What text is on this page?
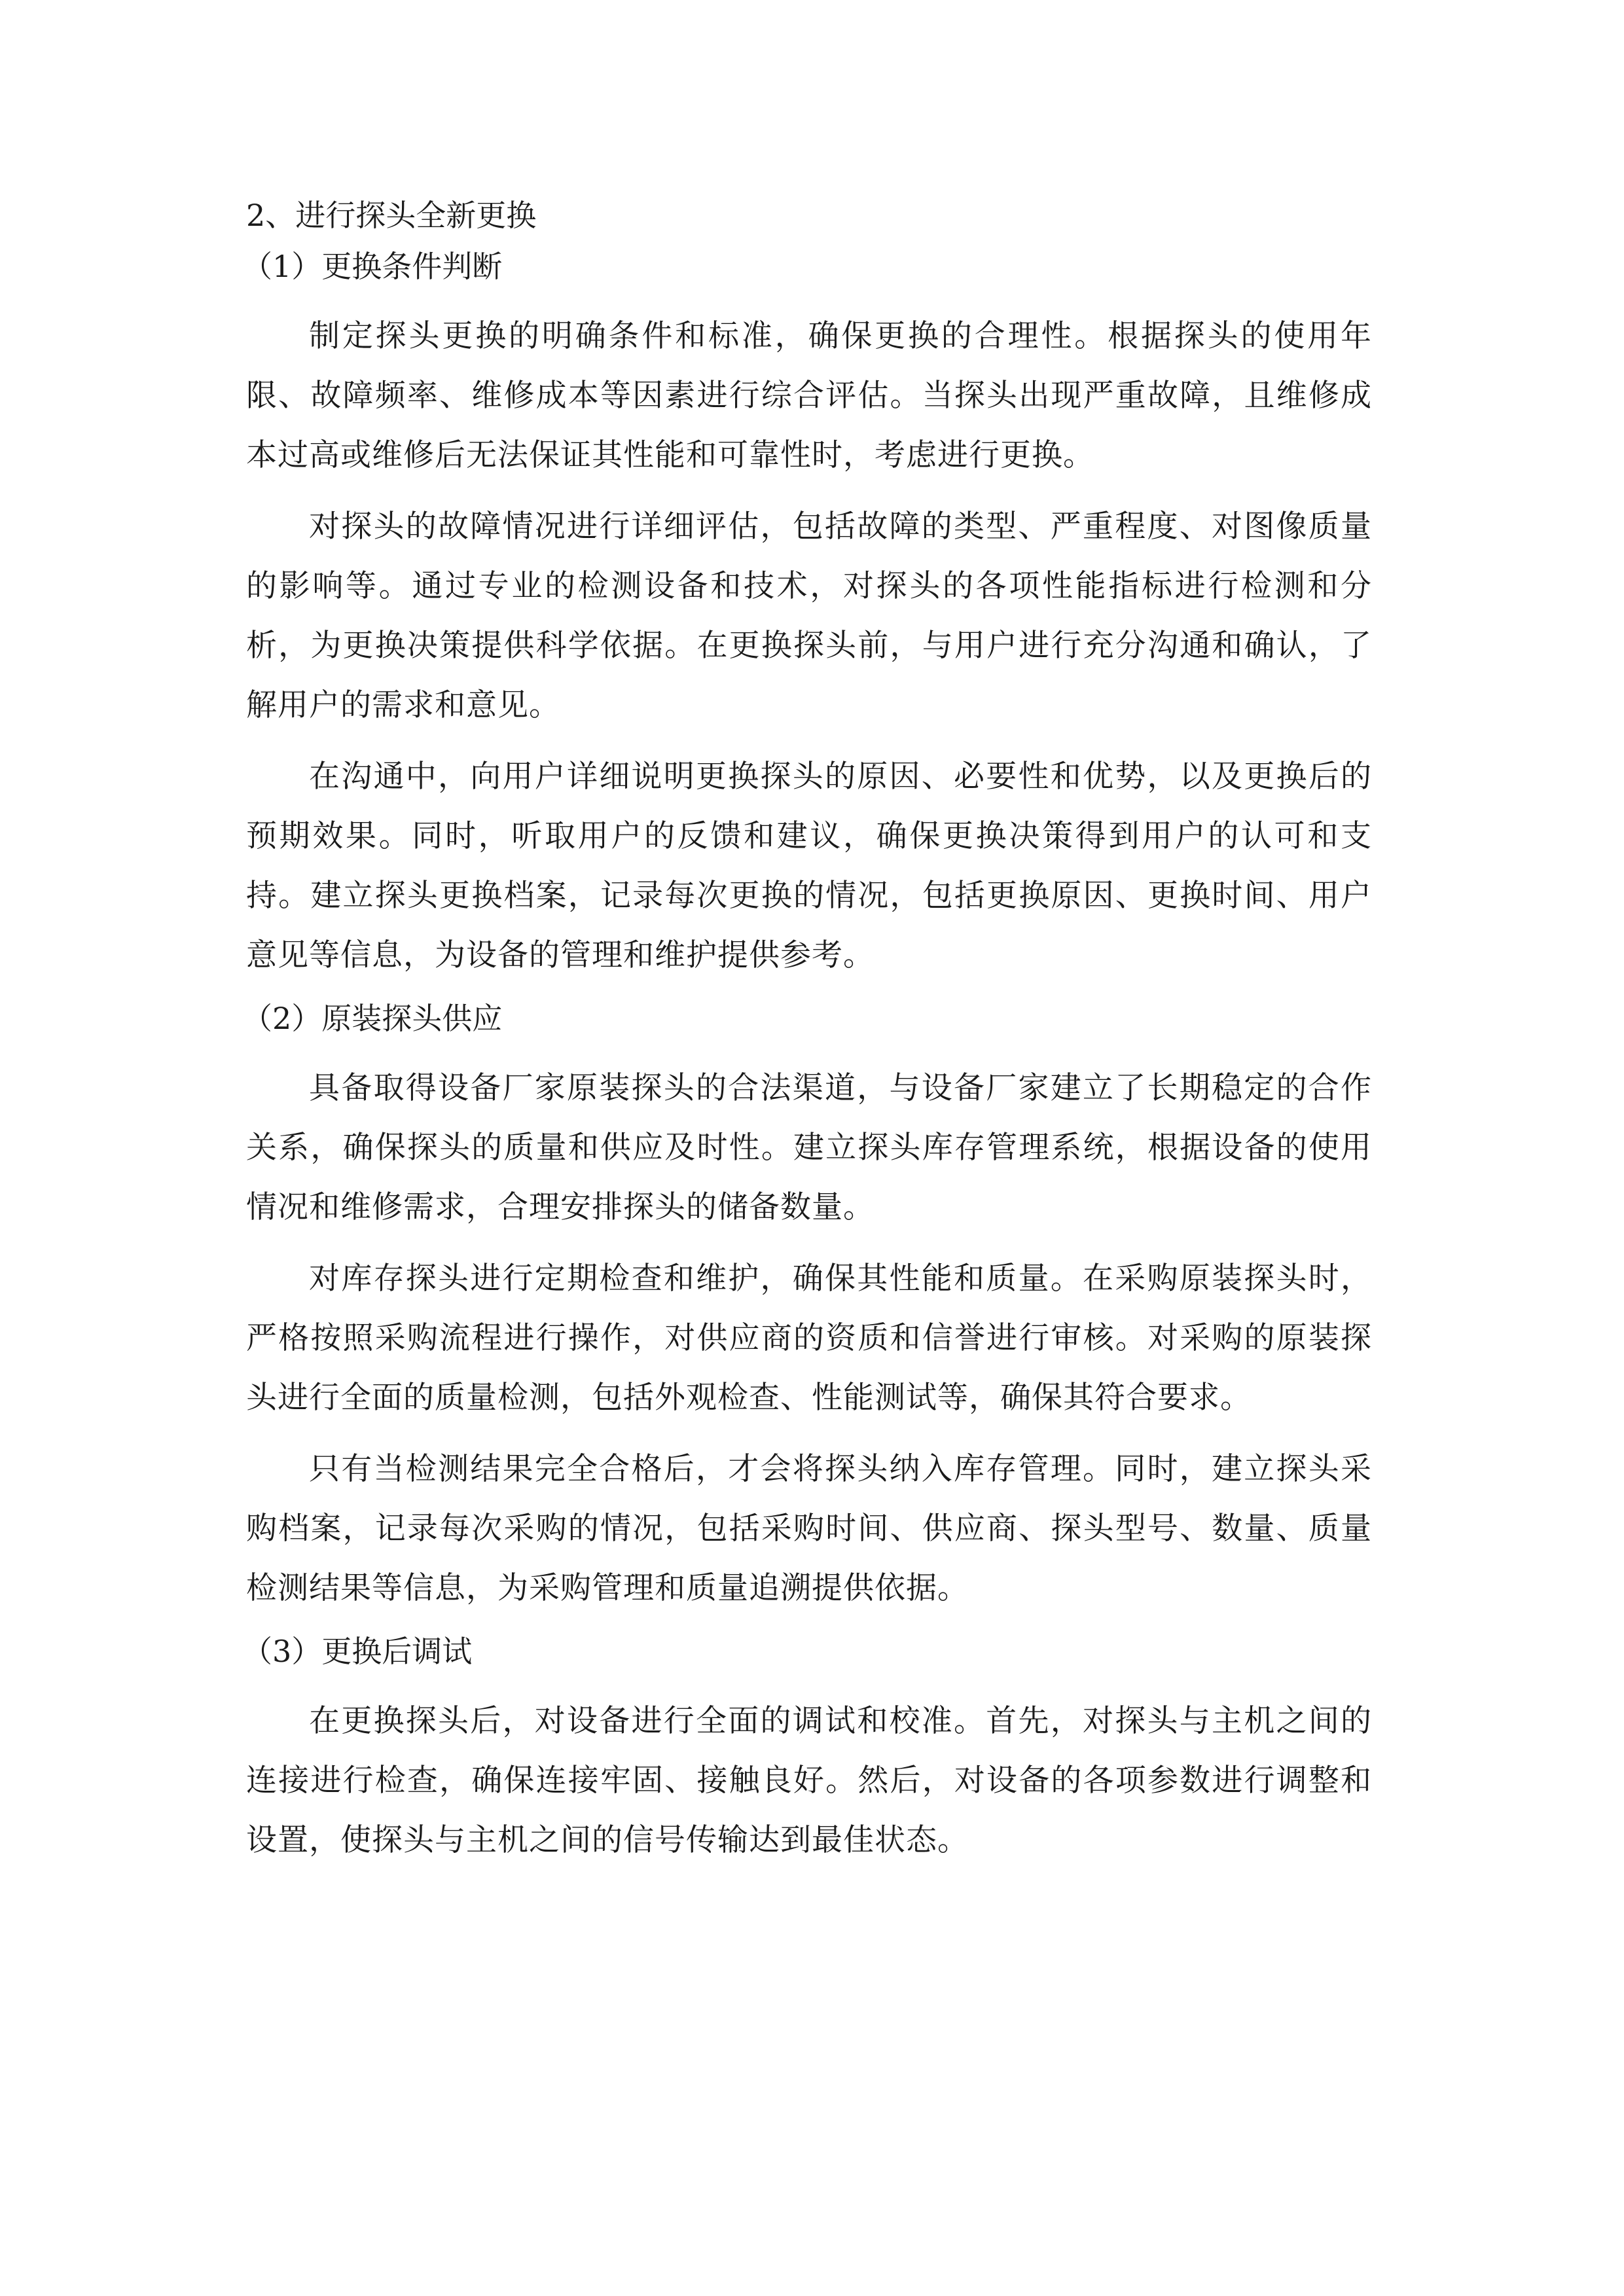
2、进行探头全新更换
（1）更换条件判断

制定探头更换的明确条件和标准，确保更换的合理性。根据探头的使用年限、故障频率、维修成本等因素进行综合评估。当探头出现严重故障，且维修成本过高或维修后无法保证其性能和可靠性时，考虑进行更换。

对探头的故障情况进行详细评估，包括故障的类型、严重程度、对图像质量的影响等。通过专业的检测设备和技术，对探头的各项性能指标进行检测和分析，为更换决策提供科学依据。在更换探头前，与用户进行充分沟通和确认，了解用户的需求和意见。

在沟通中，向用户详细说明更换探头的原因、必要性和优势，以及更换后的预期效果。同时，听取用户的反馈和建议，确保更换决策得到用户的认可和支持。建立探头更换档案，记录每次更换的情况，包括更换原因、更换时间、用户意见等信息，为设备的管理和维护提供参考。

（2）原装探头供应

具备取得设备厂家原装探头的合法渠道，与设备厂家建立了长期稳定的合作关系，确保探头的质量和供应及时性。建立探头库存管理系统，根据设备的使用情况和维修需求，合理安排探头的储备数量。

对库存探头进行定期检查和维护，确保其性能和质量。在采购原装探头时，严格按照采购流程进行操作，对供应商的资质和信誉进行审核。对采购的原装探头进行全面的质量检测，包括外观检查、性能测试等，确保其符合要求。

只有当检测结果完全合格后，才会将探头纳入库存管理。同时，建立探头采购档案，记录每次采购的情况，包括采购时间、供应商、探头型号、数量、质量检测结果等信息，为采购管理和质量追溯提供依据。

（3）更换后调试

在更换探头后，对设备进行全面的调试和校准。首先，对探头与主机之间的连接进行检查，确保连接牢固、接触良好。然后，对设备的各项参数进行调整和设置，使探头与主机之间的信号传输达到最佳状态。
